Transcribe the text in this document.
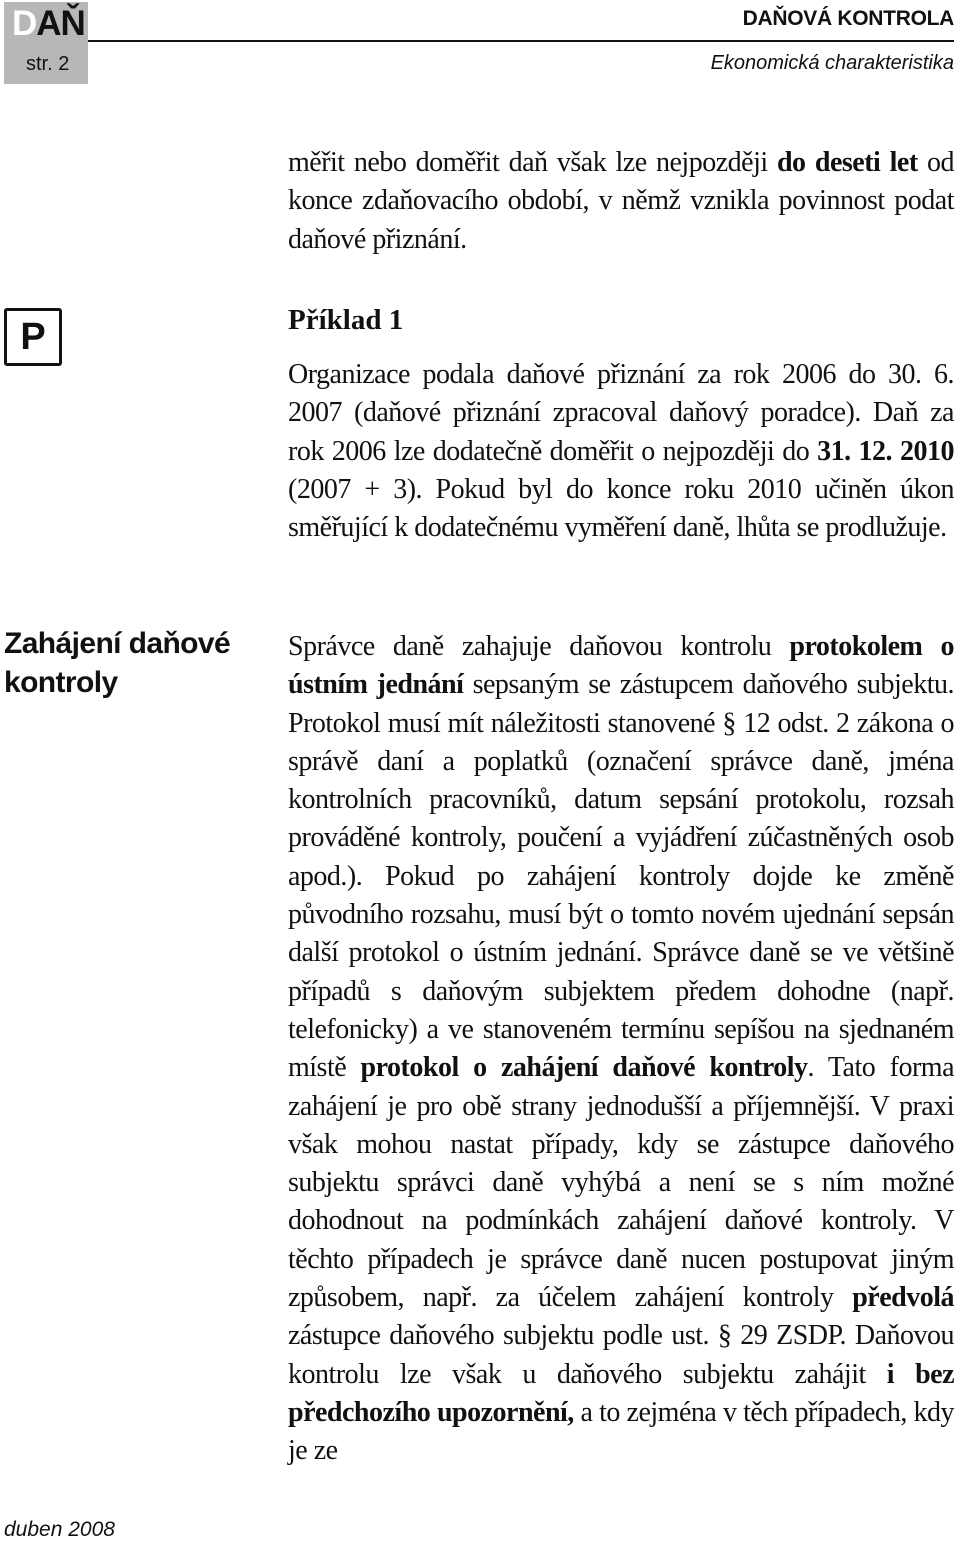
DAŇ
str. 2
DAŇOVÁ KONTROLA
Ekonomická charakteristika
P
Zahájení daňové kontroly
duben 2008

měřit nebo doměřit daň však lze nejpozději do deseti let od konce zdaňovacího období, v němž vznikla povinnost podat daňové přiznání.

Příklad 1

Organizace podala daňové přiznání za rok 2006 do 30. 6. 2007 (daňové přiznání zpracoval daňový poradce). Daň za rok 2006 lze dodatečně doměřit o nejpozději do 31. 12. 2010 (2007 + 3). Pokud byl do konce roku 2010 učiněn úkon směřující k dodatečnému vyměření daně, lhůta se prodlužuje.

Správce daně zahajuje daňovou kontrolu protokolem o ústním jednání sepsaným se zástupcem daňového subjektu. Protokol musí mít náležitosti stanovené § 12 odst. 2 zákona o správě daní a poplatků (označení správce daně, jména kontrolních pracovníků, datum sepsání protokolu, rozsah prováděné kontroly, poučení a vyjádření zúčastněných osob apod.). Pokud po zahájení kontroly dojde ke změně původního rozsahu, musí být o tomto novém ujednání sepsán další protokol o ústním jednání. Správce daně se ve většině případů s daňovým subjektem předem dohodne (např. telefonicky) a ve stanoveném termínu sepíšou na sjednaném místě protokol o zahájení daňové kontroly. Tato forma zahájení je pro obě strany jednodušší a příjemnější. V praxi však mohou nastat případy, kdy se zástupce daňového subjektu správci daně vyhýbá a není se s ním možné dohodnout na podmínkách zahájení daňové kontroly. V těchto případech je správce daně nucen postupovat jiným způsobem, např. za účelem zahájení kontroly předvolá zástupce daňového subjektu podle ust. § 29 ZSDP. Daňovou kontrolu lze však u daňového subjektu zahájit i bez předchozího upozornění, a to zejména v těch případech, kdy je ze
